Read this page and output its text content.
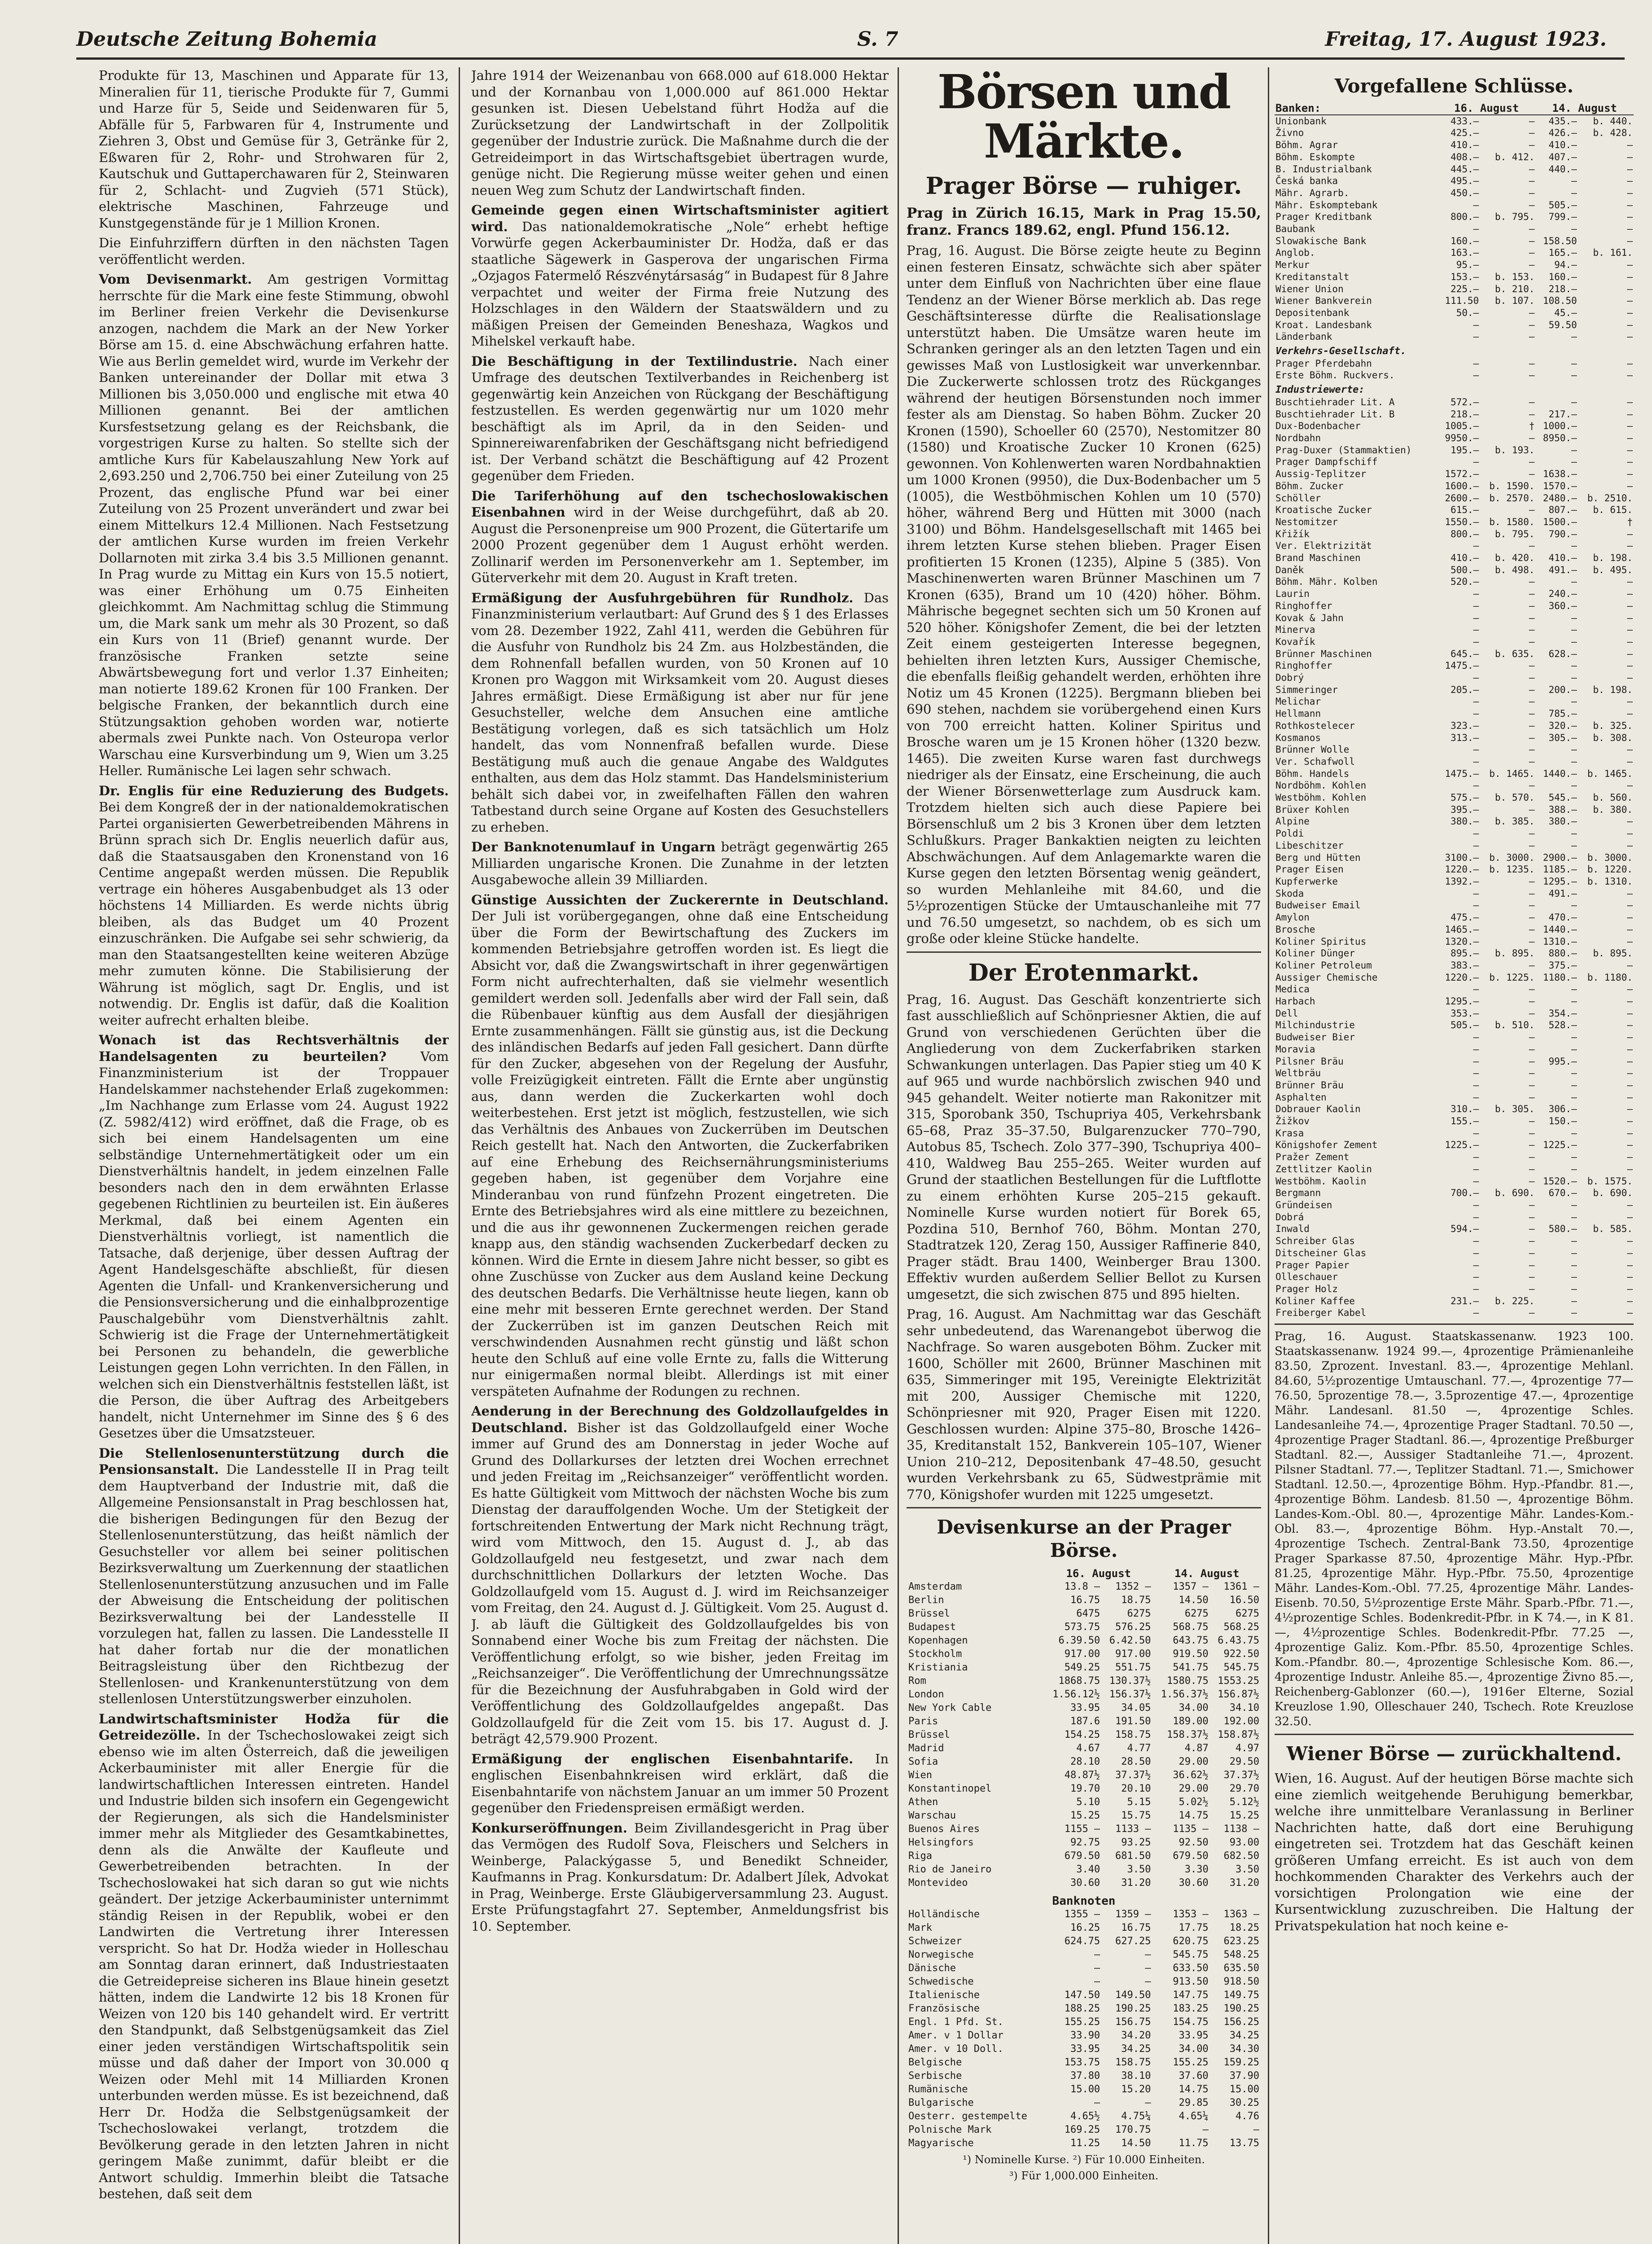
Deutsche Zeitung Bohemia	S. 7	Freitag, 17. August 1923.

Produkte für 13, Maschinen und Apparate für 13, Mineralien für 11, tierische Produkte für 7, Gummi und Harze für 5, Seide und Seidenwaren für 5, Abfälle für 5, Farbwaren für 4, Instrumente und Ziehren 3, Obst und Gemüse für 3, Getränke für 2, Eßwaren für 2, Rohr- und Strohwaren für 2, Kautschuk und Guttaperchawaren für 2, Steinwaren für 2, Schlacht- und Zugvieh (571 Stück), elektrische Maschinen, Fahrzeuge und Kunstgegenstände für je 1 Million Kronen.

Die Einfuhrziffern dürften in den nächsten Tagen veröffentlicht werden.

Vom Devisenmarkt. Am gestrigen Vormittag herrschte für die Mark eine feste Stimmung, obwohl im Berliner freien Verkehr die Devisenkurse anzogen, nachdem die Mark an der New Yorker Börse am 15. d. eine Abschwächung erfahren hatte. Wie aus Berlin gemeldet wird, wurde im Verkehr der Banken untereinander der Dollar mit etwa 3 Millionen bis 3,050.000 und englische mit etwa 40 Millionen genannt. Bei der amtlichen Kursfestsetzung gelang es der Reichsbank, die vorgestrigen Kurse zu halten. So stellte sich der amtliche Kurs für Kabelauszahlung New York auf 2,693.250 und 2,706.750 bei einer Zuteilung von 25 Prozent, das englische Pfund war bei einer Zuteilung von 25 Prozent unverändert und zwar bei einem Mittelkurs 12.4 Millionen. Nach Festsetzung der amtlichen Kurse wurden im freien Verkehr Dollarnoten mit zirka 3.4 bis 3.5 Millionen genannt. In Prag wurde zu Mittag ein Kurs von 15.5 notiert, was einer Erhöhung um 0.75 Einheiten gleichkommt. Am Nachmittag schlug die Stimmung um, die Mark sank um mehr als 30 Prozent, so daß ein Kurs von 11 (Brief) genannt wurde. Der französische Franken setzte seine Abwärtsbewegung fort und verlor 1.37 Einheiten; man notierte 189.62 Kronen für 100 Franken. Der belgische Franken, der bekanntlich durch eine Stützungsaktion gehoben worden war, notierte abermals zwei Punkte nach. Von Osteuropa verlor Warschau eine Kursverbindung um 9, Wien um 3.25 Heller. Rumänische Lei lagen sehr schwach.

Dr. Englis für eine Reduzierung des Budgets. Bei dem Kongreß der in der nationaldemokratischen Partei organisierten Gewerbetreibenden Mährens in Brünn sprach sich Dr. Englis neuerlich dafür aus, daß die Staatsausgaben den Kronenstand von 16 Centime angepaßt werden müssen. Die Republik vertrage ein höheres Ausgabenbudget als 13 oder höchstens 14 Milliarden. Es werde nichts übrig bleiben, als das Budget um 40 Prozent einzuschränken. Die Aufgabe sei sehr schwierig, da man den Staatsangestellten keine weiteren Abzüge mehr zumuten könne. Die Stabilisierung der Währung ist möglich, sagt Dr. Englis, und ist notwendig. Dr. Englis ist dafür, daß die Koalition weiter aufrecht erhalten bleibe.

Wonach ist das Rechtsverhältnis der Handelsagenten zu beurteilen?	Vom Finanzministerium ist der Troppauer Handelskammer nachstehender Erlaß zugekommen: „Im Nachhange zum Erlasse vom 24. August 1922 (Z. 5982/412) wird eröffnet, daß die Frage, ob es sich bei einem Handelsagenten um eine selbständige Unternehmertätigkeit oder um ein Dienstverhältnis handelt, in jedem einzelnen Falle besonders nach den in dem erwähnten Erlasse gegebenen Richtlinien zu beurteilen ist. Ein äußeres Merkmal, daß bei einem Agenten ein Dienstverhältnis vorliegt, ist namentlich die Tatsache, daß derjenige, über dessen Auftrag der Agent Handelsgeschäfte abschließt, für diesen Agenten die Unfall- und Krankenversicherung und die Pensionsversicherung und die einhalbprozentige Pauschalgebühr vom Dienstverhältnis zahlt. Schwierig ist die Frage der Unternehmertätigkeit bei Personen zu behandeln, die gewerbliche Leistungen gegen Lohn verrichten. In den Fällen, in welchen sich ein Dienstverhältnis feststellen läßt, ist die Person, die über Auftrag des Arbeitgebers handelt, nicht Unternehmer im Sinne des § 6 des Gesetzes über die Umsatzsteuer.

Die Stellenlosenunterstützung durch die Pensionsanstalt. Die Landesstelle II in Prag teilt dem Hauptverband der Industrie mit, daß die Allgemeine Pensionsanstalt in Prag beschlossen hat, die bisherigen Bedingungen für den Bezug der Stellenlosenunterstützung, das heißt nämlich der Gesuchsteller vor allem bei seiner politischen Bezirksverwaltung um Zuerkennung der staatlichen Stellenlosenunterstützung anzusuchen und im Falle der Abweisung die Entscheidung der politischen Bezirksverwaltung bei der Landesstelle II vorzulegen hat, fallen zu lassen. Die Landesstelle II hat daher fortab nur die der monatlichen Beitragsleistung über den Richtbezug der Stellenlosen- und Krankenunterstützung von dem stellenlosen Unterstützungswerber einzuholen.

Landwirtschaftsminister Hodža für die Getreidezölle. In der Tschechoslowakei zeigt sich ebenso wie im alten Österreich, daß die jeweiligen Ackerbauminister mit aller Energie für die landwirtschaftlichen Interessen eintreten. Handel und Industrie bilden sich insofern ein Gegengewicht der Regierungen, als sich die Handelsminister immer mehr als Mitglieder des Gesamtkabinettes, denn als die Anwälte der Kaufleute und Gewerbetreibenden betrachten. In der Tschechoslowakei hat sich daran so gut wie nichts geändert. Der jetzige Ackerbauminister unternimmt ständig Reisen in der Republik, wobei er den Landwirten die Vertretung ihrer Interessen verspricht. So hat Dr. Hodža wieder in Holleschau am Sonntag daran erinnert, daß Industriestaaten die Getreidepreise sicheren ins Blaue hinein gesetzt hätten, indem die Landwirte 12 bis 18 Kronen für Weizen von 120 bis 140 gehandelt wird. Er vertritt den Standpunkt, daß Selbstgenügsamkeit das Ziel einer jeden verständigen Wirtschaftspolitik sein müsse und daß daher der Import von 30.000 q Weizen oder Mehl mit 14 Milliarden Kronen unterbunden werden müsse. Es ist bezeichnend, daß Herr Dr. Hodža die Selbstgenügsamkeit der Tschechoslowakei verlangt, trotzdem die Bevölkerung gerade in den letzten Jahren in nicht geringem Maße zunimmt, dafür bleibt er die Antwort schuldig. Immerhin bleibt die Tatsache bestehen, daß seit dem

Jahre 1914 der Weizenanbau von 668.000 auf 618.000 Hektar und der Kornanbau von 1,000.000 auf 861.000 Hektar gesunken ist. Diesen Uebelstand führt Hodža auf die Zurücksetzung der Landwirtschaft in der Zollpolitik gegenüber der Industrie zurück. Die Maßnahme durch die der Getreideimport in das Wirtschaftsgebiet übertragen wurde, genüge nicht. Die Regierung müsse weiter gehen und einen neuen Weg zum Schutz der Landwirtschaft finden.

Gemeinde gegen einen Wirtschaftsminister agitiert wird. Das nationaldemokratische „Nole“ erhebt heftige Vorwürfe gegen Ackerbauminister Dr. Hodža, daß er das staatliche Sägewerk in Gasperova der ungarischen Firma „Ozjagos Fatermelő Részvénytársaság“ in Budapest für 8 Jahre verpachtet und weiter der Firma freie Nutzung des Holzschlages in den Wäldern der Staatswäldern und zu mäßigen Preisen der Gemeinden Beneshaza, Wagkos und Mihelskel verkauft habe.

Die Beschäftigung in der Textilindustrie. Nach einer Umfrage des deutschen Textilverbandes in Reichenberg ist gegenwärtig kein Anzeichen von Rückgang der Beschäftigung festzustellen. Es werden gegenwärtig nur um 1020 mehr beschäftigt als im April, da in den Seiden- und Spinnereiwarenfabriken der Geschäftsgang nicht befriedigend ist. Der Verband schätzt die Beschäftigung auf 42 Prozent gegenüber dem Frieden.

Die Tariferhöhung auf den tschechoslowakischen Eisenbahnen wird in der Weise durchgeführt, daß ab 20. August die Personenpreise um 900 Prozent, die Gütertarife um 2000 Prozent gegenüber dem 1 August erhöht werden. Zollinarif werden im Personenverkehr am 1. September, im Güterverkehr mit dem 20. August in Kraft treten.

Ermäßigung der Ausfuhrgebühren für Rundholz. Das Finanzministerium verlautbart: Auf Grund des § 1 des Erlasses vom 28. Dezember 1922, Zahl 411, werden die Gebühren für die Ausfuhr von Rundholz bis 24 Zm. aus Holzbeständen, die dem Rohnenfall befallen wurden, von 50 Kronen auf 10 Kronen pro Waggon mit Wirksamkeit vom 20. August dieses Jahres ermäßigt. Diese Ermäßigung ist aber nur für jene Gesuchsteller, welche dem Ansuchen eine amtliche Bestätigung vorlegen, daß es sich tatsächlich um Holz handelt, das vom Nonnenfraß befallen wurde. Diese Bestätigung muß auch die genaue Angabe des Waldgutes enthalten, aus dem das Holz stammt. Das Handelsministerium behält sich dabei vor, in zweifelhaften Fällen den wahren Tatbestand durch seine Organe auf Kosten des Gesuchstellers zu erheben.

Der Banknotenumlauf in Ungarn beträgt gegenwärtig 265 Milliarden ungarische Kronen. Die Zunahme in der letzten Ausgabewoche allein 39 Milliarden.

Günstige Aussichten der Zuckerernte in Deutschland. Der Juli ist vorübergegangen, ohne daß eine Entscheidung über die Form der Bewirtschaftung des Zuckers im kommenden Betriebsjahre getroffen worden ist. Es liegt die Absicht vor, daß die Zwangswirtschaft in ihrer gegenwärtigen Form nicht aufrechterhalten, daß sie vielmehr wesentlich gemildert werden soll. Jedenfalls aber wird der Fall sein, daß die Rübenbauer künftig aus dem Ausfall der diesjährigen Ernte zusammenhängen. Fällt sie günstig aus, ist die Deckung des inländischen Bedarfs auf jeden Fall gesichert. Dann dürfte für den Zucker, abgesehen von der Regelung der Ausfuhr, volle Freizügigkeit eintreten. Fällt die Ernte aber ungünstig aus, dann werden die Zuckerkarten wohl doch weiterbestehen. Erst jetzt ist möglich, festzustellen, wie sich das Verhältnis des Anbaues von Zuckerrüben im Deutschen Reich gestellt hat. Nach den Antworten, die Zuckerfabriken auf eine Erhebung des Reichsernährungsministeriums gegeben haben, ist gegenüber dem Vorjahre eine Minderanbau von rund fünfzehn Prozent eingetreten. Die Ernte des Betriebsjahres wird als eine mittlere zu bezeichnen, und die aus ihr gewonnenen Zuckermengen reichen gerade knapp aus, den ständig wachsenden Zuckerbedarf decken zu können. Wird die Ernte in diesem Jahre nicht besser, so gibt es ohne Zuschüsse von Zucker aus dem Ausland keine Deckung des deutschen Bedarfs. Die Verhältnisse heute liegen, kann ob eine mehr mit besseren Ernte gerechnet werden. Der Stand der Zuckerrüben ist im ganzen Deutschen Reich mit verschwindenden Ausnahmen recht günstig und läßt schon heute den Schluß auf eine volle Ernte zu, falls die Witterung nur einigermaßen normal bleibt. Allerdings ist mit einer verspäteten Aufnahme der Rodungen zu rechnen.

Aenderung in der Berechnung des Goldzollaufgeldes in Deutschland. Bisher ist das Goldzollaufgeld einer Woche immer auf Grund des am Donnerstag in jeder Woche auf Grund des Dollarkurses der letzten drei Wochen errechnet und jeden Freitag im „Reichsanzeiger“ veröffentlicht worden. Es hatte Gültigkeit vom Mittwoch der nächsten Woche bis zum Dienstag der darauffolgenden Woche. Um der Stetigkeit der fortschreitenden Entwertung der Mark nicht Rechnung trägt, wird vom Mittwoch, den 15. August d. J., ab das Goldzollaufgeld neu festgesetzt, und zwar nach dem durchschnittlichen Dollarkurs der letzten Woche. Das Goldzollaufgeld vom 15. August d. J. wird im Reichsanzeiger vom Freitag, den 24. August d. J. Gültigkeit. Vom 25. August d. J. ab läuft die Gültigkeit des Goldzollaufgeldes bis von Sonnabend einer Woche bis zum Freitag der nächsten. Die Veröffentlichung erfolgt, so wie bisher, jeden Freitag im „Reichsanzeiger“. Die Veröffentlichung der Umrechnungssätze für die Bezeichnung der Ausfuhrabgaben in Gold wird der Veröffentlichung des Goldzollaufgeldes angepaßt. Das Goldzollaufgeld für die Zeit vom 15. bis 17. August d. J. beträgt 42,579.900 Prozent.

Ermäßigung der englischen Eisenbahntarife. In englischen Eisenbahnkreisen wird erklärt, daß die Eisenbahntarife von nächstem Januar an um immer 50 Prozent gegenüber den Friedenspreisen ermäßigt werden.

Konkurseröffnungen. Beim Zivillandesgericht in Prag über das Vermögen des Rudolf Sova, Fleischers und Selchers in Weinberge, Palackýgasse 5, und Benedikt Schneider, Kaufmanns in Prag. Konkursdatum: Dr. Adalbert Jílek, Advokat in Prag, Weinberge. Erste Gläubigerversammlung 23. August. Erste Prüfungstagfahrt 27. September, Anmeldungsfrist bis 10. September.

Börsen und Märkte.
Prager Börse — ruhiger.
Prag in Zürich 16.15, Mark in Prag 15.50, franz. Francs 189.62, engl. Pfund 156.12.

Prag, 16. August. Die Börse zeigte heute zu Beginn einen festeren Einsatz, schwächte sich aber später unter dem Einfluß von Nachrichten über eine flaue Tendenz an der Wiener Börse merklich ab. Das rege Geschäftsinteresse dürfte die Realisationslage unterstützt haben. Die Umsätze waren heute im Schranken geringer als an den letzten Tagen und ein gewisses Maß von Lustlosigkeit war unverkennbar. Die Zuckerwerte schlossen trotz des Rückganges während der heutigen Börsenstunden noch immer fester als am Dienstag. So haben Böhm. Zucker 20 Kronen (1590), Schoeller 60 (2570), Nestomitzer 80 (1580) und Kroatische Zucker 10 Kronen (625) gewonnen. Von Kohlenwerten waren Nordbahnaktien um 1000 Kronen (9950), die Dux-Bodenbacher um 5 (1005), die Westböhmischen Kohlen um 10 (570) höher, während Berg und Hütten mit 3000 (nach 3100) und Böhm. Handelsgesellschaft mit 1465 bei ihrem letzten Kurse stehen blieben. Prager Eisen profitierten 15 Kronen (1235), Alpine 5 (385). Von Maschinenwerten waren Brünner Maschinen um 7 Kronen (635), Brand um 10 (420) höher. Böhm. Mährische begegnet sechten sich um 50 Kronen auf 520 höher. Königshofer Zement, die bei der letzten Zeit einem gesteigerten Interesse begegnen, behielten ihren letzten Kurs, Aussiger Chemische, die ebenfalls fleißig gehandelt werden, erhöhten ihre Notiz um 45 Kronen (1225). Bergmann blieben bei 690 stehen, nachdem sie vorübergehend einen Kurs von 700 erreicht hatten. Koliner Spiritus und Brosche waren um je 15 Kronen höher (1320 bezw. 1465). Die zweiten Kurse waren fast durchwegs niedriger als der Einsatz, eine Erscheinung, die auch der Wiener Börsenwetterlage zum Ausdruck kam. Trotzdem hielten sich auch diese Papiere bei Börsenschluß um 2 bis 3 Kronen über dem letzten Schlußkurs. Prager Bankaktien neigten zu leichten Abschwächungen. Auf dem Anlagemarkte waren die Kurse gegen den letzten Börsentag wenig geändert, so wurden Mehlanleihe mit 84.60, und die 5½prozentigen Stücke der Umtauschanleihe mit 77 und 76.50 umgesetzt, so nachdem, ob es sich um große oder kleine Stücke handelte.

Der Erotenmarkt.

Prag, 16. August. Das Geschäft konzentrierte sich fast ausschließlich auf Schönpriesner Aktien, die auf Grund von verschiedenen Gerüchten über die Angliederung von dem Zuckerfabriken starken Schwankungen unterlagen. Das Papier stieg um 40 K auf 965 und wurde nachbörslich zwischen 940 und 945 gehandelt. Weiter notierte man Rakonitzer mit 315, Sporobank 350, Tschupriya 405, Verkehrsbank 65–68, Praz 35–37.50, Bulgarenzucker 770–790, Autobus 85, Tschech. Zolo 377–390, Tschupriya 400–410, Waldweg Bau 255–265. Weiter wurden auf Grund der staatlichen Bestellungen für die Luftflotte zu einem erhöhten Kurse 205–215 gekauft. Nominelle Kurse wurden notiert für Borek 65, Pozdina 510, Bernhof 760, Böhm. Montan 270, Stadtratzek 120, Zerag 150, Aussiger Raffinerie 840, Prager städt. Brau 1400, Weinberger Brau 1300. Effektiv wurden außerdem Sellier Bellot zu Kursen umgesetzt, die sich zwischen 875 und 895 hielten.

Prag, 16. August. Am Nachmittag war das Geschäft sehr unbedeutend, das Warenangebot überwog die Nachfrage. So waren ausgeboten Böhm. Zucker mit 1600, Schöller mit 2600, Brünner Maschinen mit 635, Simmeringer mit 195, Vereinigte Elektrizität mit 200, Aussiger Chemische mit 1220, Schönpriesner mit 920, Prager Eisen mit 1220. Geschlossen wurden: Alpine 375–80, Brosche 1426–35, Kreditanstalt 152, Bankverein 105–107, Wiener Union 210–212, Depositenbank 47–48.50, gesucht wurden Verkehrsbank zu 65, Südwestprämie mit 770, Königshofer wurden mit 1225 umgesetzt.

Devisenkurse an der Prager Börse.
	16. August		14. August	
Amsterdam	13.8 —	1352 —	1357 —	1361 —
Berlin	16.75	18.75	14.50	16.50
Brüssel	6475	6275	6275	6275
Budapest	573.75	576.25	568.75	568.25
Kopenhagen	6.39.50	6.42.50	643.75	6.43.75
Stockholm	917.00	917.00	919.50	922.50
Kristiania	549.25	551.75	541.75	545.75
Rom	1868.75	130.37½	1580.75	1553.25
London	1.56.12½	156.37½	1.56.37½	156.87½
New York Cable	33.95	34.05	34.00	34.10
Paris	187.6	191.50	189.00	192.00
Brüssel	154.25	158.75	158.37½	158.87½
Madrid	4.67	4.77	4.87	4.97
Sofia	28.10	28.50	29.00	29.50
Wien	48.87½	37.37½	36.62½	37.37½
Konstantinopel	19.70	20.10	29.00	29.70
Athen	5.10	5.15	5.02½	5.12½
Warschau	15.25	15.75	14.75	15.25
Buenos Aires	1155 —	1133 —	1135 —	1138 —
Helsingfors	92.75	93.25	92.50	93.00
Riga	679.50	681.50	679.50	682.50
Rio de Janeiro	3.40	3.50	3.30	3.50
Montevideo	30.60	31.20	30.60	31.20
Banknoten				
Holländische	1355 —	1359 —	1353 —	1363 —
Mark	16.25	16.75	17.75	18.25
Schweizer	624.75	627.25	620.75	623.25
Norwegische	—	—	545.75	548.25
Dänische	—	—	633.50	635.50
Schwedische	—	—	913.50	918.50
Italienische	147.50	149.50	147.75	149.75
Französische	188.25	190.25	183.25	190.25
Engl. 1 Pfd. St.	155.25	156.75	154.75	156.25
Amer. v 1 Dollar	33.90	34.20	33.95	34.25
Amer. v 10 Doll.	33.95	34.25	34.00	34.30
Belgische	153.75	158.75	155.25	159.25
Serbische	37.80	38.10	37.60	37.90
Rumänische	15.00	15.20	14.75	15.00
Bulgarische	—	—	29.85	30.25
Oesterr. gestempelte	4.65½	4.75¼	4.65¼	4.76
Polnische Mark	169.25	170.75	—	—
Magyarische	11.25	14.50	11.75	13.75
¹) Nominelle Kurse. ²) Für 10.000 Einheiten.
³) Für 1,000.000 Einheiten.
Vorgefallene Schlüsse.
Banken:	16. August		14. August	
Unionbank	433.—	—	435.—	b. 440.
Živno	425.—	—	426.—	b. 428.
Böhm. Agrar	410.—	—	410.—	—
Böhm. Eskompte	408.—	b. 412.	407.—	—
B. Industrialbank	445.—	—	440.—	—
Česká banka	495.—	—	—	—
Mähr. Agrarb.	450.—	—	—	—
Mähr. Eskomptebank	—	—	505.—	—
Prager Kreditbank	800.—	b. 795.	799.—	—
Baubank	—	—	—	—
Slowakische Bank	160.—	—	158.50	—
Anglob.	163.—	—	165.—	b. 161.
Merkur	95.—	—	94.—	—
Kreditanstalt	153.—	b. 153.	160.—	—
Wiener Union	225.—	b. 210.	218.—	—
Wiener Bankverein	111.50	b. 107.	108.50	—
Depositenbank	50.—	—	45.—	—
Kroat. Landesbank	—	—	59.50	—
Länderbank	—	—	—	—
Verkehrs-Gesellschaft.				
Prager Pferdebahn	—	—	—	—
Erste Böhm. Ruckvers.	—	—	—	—
Industriewerte:				
Buschtiehrader Lit. A	572.—	—	—	—
Buschtiehrader Lit. B	218.—	—	217.—	—
Dux-Bodenbacher	1005.—	†	1000.—	—
Nordbahn	9950.—	—	8950.—	—
Prag-Duxer (Stammaktien)	195.—	b. 193.	—	—
Prager Dampfschiff	—	—	—	—
Aussig-Teplitzer	1572.—	—	1638.—	—
Böhm. Zucker	1600.—	b. 1590.	1570.—	—
Schöller	2600.—	b. 2570.	2480.—	b. 2510.
Kroatische Zucker	615.—	—	807.—	b. 615.
Nestomitzer	1550.—	b. 1580.	1500.—	†
Křižík	800.—	b. 795.	790.—	—
Ver. Elektrizität	—	—	—	—
Brand Maschinen	410.—	b. 420.	410.—	b. 198.
Daněk	500.—	b. 498.	491.—	b. 495.
Böhm. Mähr. Kolben	520.—	—	—	—
Laurin	—	—	240.—	—
Ringhoffer	—	—	360.—	—
Kovak & Jahn	—	—	—	—
Minerva	—	—	—	—
Kovařík	—	—	—	—
Brünner Maschinen	645.—	b. 635.	628.—	—
Ringhoffer	1475.—	—	—	—
Dobrý	—	—	—	—
Simmeringer	205.—	—	200.—	b. 198.
Melichar	—	—	—	—
Hellmann	—	—	785.—	—
Rothkostelecer	323.—	—	320.—	b. 325.
Kosmanos	313.—	—	305.—	b. 308.
Brünner Wolle	—	—	—	—
Ver. Schafwoll	—	—	—	—
Böhm. Handels	1475.—	b. 1465.	1440.—	b. 1465.
Nordböhm. Kohlen	—	—	—	—
Westböhm. Kohlen	575.—	b. 570.	545.—	b. 560.
Brüxer Kohlen	395.—	—	388.—	b. 380.
Alpine	380.—	b. 385.	380.—	—
Poldi	—	—	—	—
Libeschitzer	—	—	—	—
Berg und Hütten	3100.—	b. 3000.	2900.—	b. 3000.
Prager Eisen	1220.—	b. 1235.	1185.—	b. 1220.
Kupferwerke	1392.—	—	1295.—	b. 1310.
Skoda	—	—	491.—	—
Budweiser Email	—	—	—	—
Amylon	475.—	—	470.—	—
Brosche	1465.—	—	1440.—	—
Koliner Spiritus	1320.—	—	1310.—	—
Koliner Dünger	895.—	b. 895.	880.—	b. 895.
Koliner Petroleum	383.—	—	375.—	—
Aussiger Chemische	1220.—	b. 1225.	1180.—	b. 1180.
Medica	—	—	—	—
Harbach	1295.—	—	—	—
Dell	353.—	—	354.—	—
Milchindustrie	505.—	b. 510.	528.—	—
Budweiser Bier	—	—	—	—
Moravia	—	—	—	—
Pilsner Bräu	—	—	995.—	—
Weltbräu	—	—	—	—
Brünner Bräu	—	—	—	—
Asphalten	—	—	—	—
Dobrauer Kaolin	310.—	b. 305.	306.—	—
Žižkov	155.—	—	150.—	—
Krasa	—	—	—	—
Königshofer Zement	1225.—	—	1225.—	—
Pražer Zement	—	—	—	—
Zettlitzer Kaolin	—	—	—	—
Westböhm. Kaolin	—	—	1520.—	b. 1575.
Bergmann	700.—	b. 690.	670.—	b. 690.
Gründeisen	—	—	—	—
Dobrá	—	—	—	—
Inwald	594.—	—	580.—	b. 585.
Schreiber Glas	—	—	—	—
Ditscheiner Glas	—	—	—	—
Prager Papier	—	—	—	—
Olleschauer	—	—	—	—
Prager Holz	—	—	—	—
Koliner Kaffee	231.—	b. 225.	—	—
Freiberger Kabel	—	—	—	—

Prag, 16. August. Staatskassenanw. 1923 100. Staatskassenanw. 1924 99.—, 4prozentige Prämienanleihe 83.50, Zprozent. Investanl. 83.—, 4prozentige Mehlanl. 84.60, 5½prozentige Umtauschanl. 77.—, 4prozentige 77—76.50, 5prozentige 78.—, 3.5prozentige 47.—, 4prozentige Mähr. Landesanl. 81.50 —, 4prozentige Schles. Landesanleihe 74.—, 4prozentige Prager Stadtanl. 70.50 —, 4prozentige Prager Stadtanl. 86.—, 4prozentige Preßburger Stadtanl. 82.—, Aussiger Stadtanleihe 71.—, 4prozent. Pilsner Stadtanl. 77.—, Teplitzer Stadtanl. 71.—, Smichower Stadtanl. 12.50.—, 4prozentige Böhm. Hyp.-Pfandbr. 81.—, 4prozentige Böhm. Landesb. 81.50 —, 4prozentige Böhm. Landes-Kom.-Obl. 80.—, 4prozentige Mähr. Landes-Kom.-Obl. 83.—, 4prozentige Böhm. Hyp.-Anstalt 70.—, 4prozentige Tschech. Zentral-Bank 73.50, 4prozentige Prager Sparkasse 87.50, 4prozentige Mähr. Hyp.-Pfbr. 81.25, 4prozentige Mähr. Hyp.-Pfbr. 75.50, 4prozentige Mähr. Landes-Kom.-Obl. 77.25, 4prozentige Mähr. Landes-Eisenb. 70.50, 5½prozentige Erste Mähr. Sparb.-Pfbr. 71.—, 4½prozentige Schles. Bodenkredit-Pfbr. in K 74.—, in K 81.—, 4½prozentige Schles. Bodenkredit-Pfbr. 77.25 —, 4prozentige Galiz. Kom.-Pfbr. 85.50, 4prozentige Schles. Kom.-Pfandbr. 80.—, 4prozentige Schlesische Kom. 86.—, 4prozentige Industr. Anleihe 85.—, 4prozentige Živno 85.—, Reichenberg-Gablonzer (60.—), 1916er Elterne, Sozial Kreuzlose 1.90, Olleschauer 240, Tschech. Rote Kreuzlose 32.50.

Wiener Börse — zurückhaltend.

Wien, 16. August. Auf der heutigen Börse machte sich eine ziemlich weitgehende Beruhigung bemerkbar, welche ihre unmittelbare Veranlassung in Berliner Nachrichten hatte, daß dort eine Beruhigung eingetreten sei. Trotzdem hat das Geschäft keinen größeren Umfang erreicht. Es ist auch von dem hochkommenden Charakter des Verkehrs auch der vorsichtigen Prolongation wie eine der Kursentwicklung zuzuschreiben. Die Haltung der Privatspekulation hat noch keine e-
